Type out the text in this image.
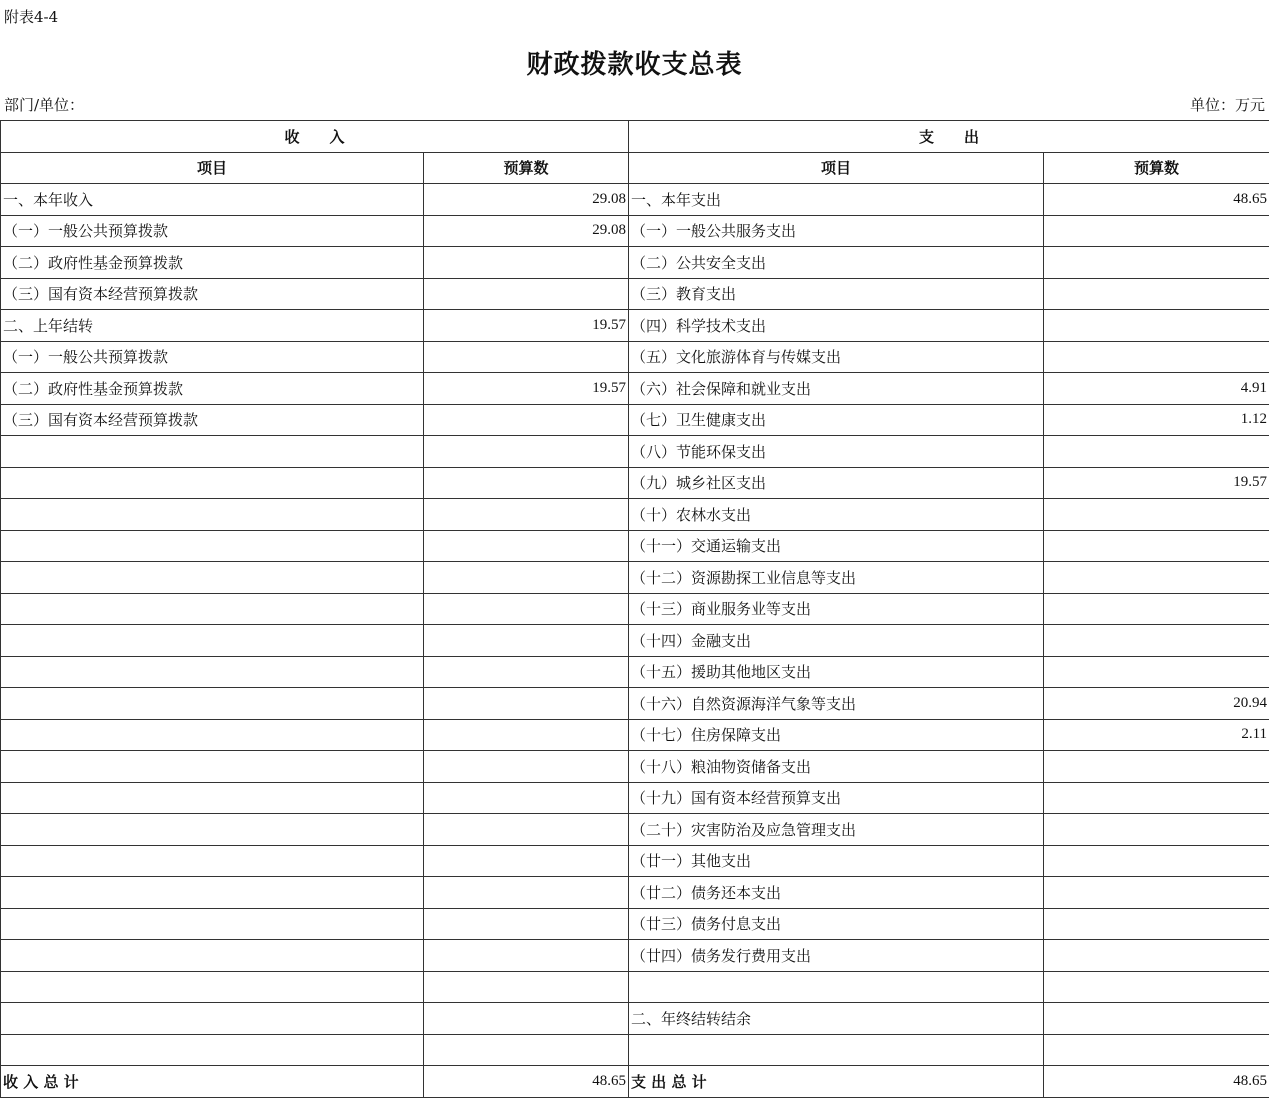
附表4-4
财政拨款收支总表
部门/单位：	单位：万元
收　　入		支　　出	
项目	预算数	项目	预算数
一、本年收入	29.08	一、本年支出	48.65
（一）一般公共预算拨款	29.08	（一）一般公共服务支出	
（二）政府性基金预算拨款		（二）公共安全支出	
（三）国有资本经营预算拨款		（三）教育支出	
二、上年结转	19.57	（四）科学技术支出	
（一）一般公共预算拨款		（五）文化旅游体育与传媒支出	
（二）政府性基金预算拨款	19.57	（六）社会保障和就业支出	4.91
（三）国有资本经营预算拨款		（七）卫生健康支出	1.12
		（八）节能环保支出	
		（九）城乡社区支出	19.57
		（十）农林水支出	
		（十一）交通运输支出	
		（十二）资源勘探工业信息等支出	
		（十三）商业服务业等支出	
		（十四）金融支出	
		（十五）援助其他地区支出	
		（十六）自然资源海洋气象等支出	20.94
		（十七）住房保障支出	2.11
		（十八）粮油物资储备支出	
		（十九）国有资本经营预算支出	
		（二十）灾害防治及应急管理支出	
		（廿一）其他支出	
		（廿二）债务还本支出	
		（廿三）债务付息支出	
		（廿四）债务发行费用支出	

		二、年终结转结余	

收 入 总 计	48.65	支 出 总 计	48.65
